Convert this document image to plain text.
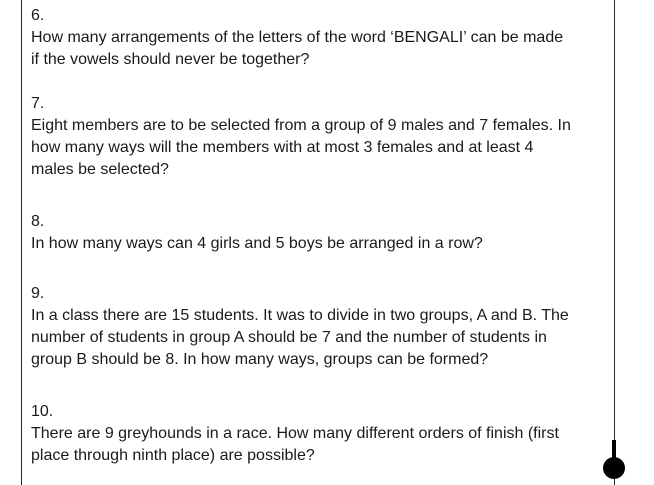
6.
How many arrangements of the letters of the word ‘BENGALI’ can be made
if the vowels should never be together?
7.
Eight members are to be selected from a group of 9 males and 7 females. In
how many ways will the members with at most 3 females and at least 4
males be selected?
8.
In how many ways can 4 girls and 5 boys be arranged in a row?
9.
In a class there are 15 students. It was to divide in two groups, A and B. The
number of students in group A should be 7 and the number of students in
group B should be 8. In how many ways, groups can be formed?
10.
There are 9 greyhounds in a race. How many different orders of finish (first
place through ninth place) are possible?
